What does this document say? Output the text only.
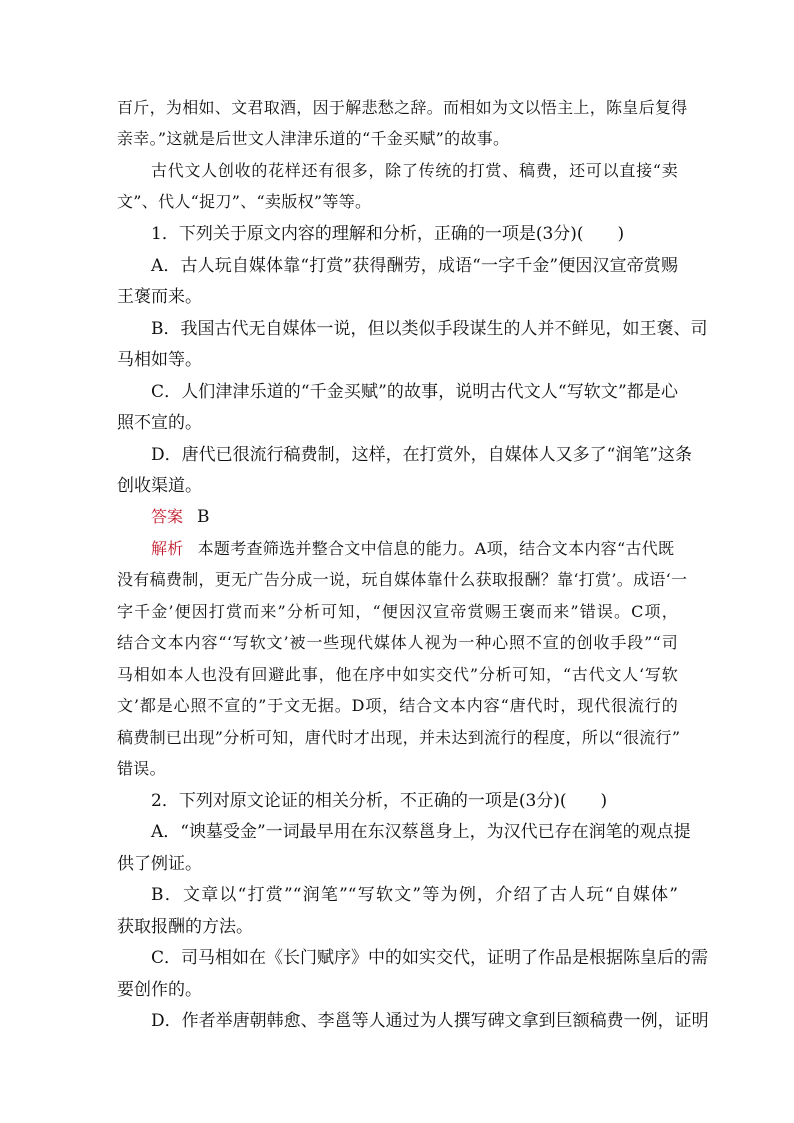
百斤，为相如、文君取酒，因于解悲愁之辞。而相如为文以悟主上，陈皇后复得
亲幸。”这就是后世文人津津乐道的“千金买赋”的故事。
古代文人创收的花样还有很多，除了传统的打赏、稿费，还可以直接“卖
文”、代人“捉刀”、“卖版权”等等。
1．下列关于原文内容的理解和分析，正确的一项是(3分)(　　)
A．古人玩自媒体靠“打赏”获得酬劳，成语“一字千金”便因汉宣帝赏赐
王褒而来。
B．我国古代无自媒体一说，但以类似手段谋生的人并不鲜见，如王褒、司
马相如等。
C．人们津津乐道的“千金买赋”的故事，说明古代文人“写软文”都是心
照不宣的。
D．唐代已很流行稿费制，这样，在打赏外，自媒体人又多了“润笔”这条
创收渠道。
答案 B
解析 本题考查筛选并整合文中信息的能力。A项，结合文本内容“古代既
没有稿费制，更无广告分成一说，玩自媒体靠什么获取报酬？靠‘打赏’。成语‘一
字千金’便因打赏而来”分析可知，“便因汉宣帝赏赐王褒而来”错误。C项，
结合文本内容“‘写软文’被一些现代媒体人视为一种心照不宣的创收手段”“司
马相如本人也没有回避此事，他在序中如实交代”分析可知，“古代文人‘写软
文’都是心照不宣的”于文无据。D项，结合文本内容“唐代时，现代很流行的
稿费制已出现”分析可知，唐代时才出现，并未达到流行的程度，所以“很流行”
错误。
2．下列对原文论证的相关分析，不正确的一项是(3分)(　　)
A．“谀墓受金”一词最早用在东汉蔡邕身上，为汉代已存在润笔的观点提
供了例证。
B．文章以“打赏”“润笔”“写软文”等为例，介绍了古人玩“自媒体”
获取报酬的方法。
C．司马相如在《长门赋序》中的如实交代，证明了作品是根据陈皇后的需
要创作的。
D．作者举唐朝韩愈、李邕等人通过为人撰写碑文拿到巨额稿费一例，证明
